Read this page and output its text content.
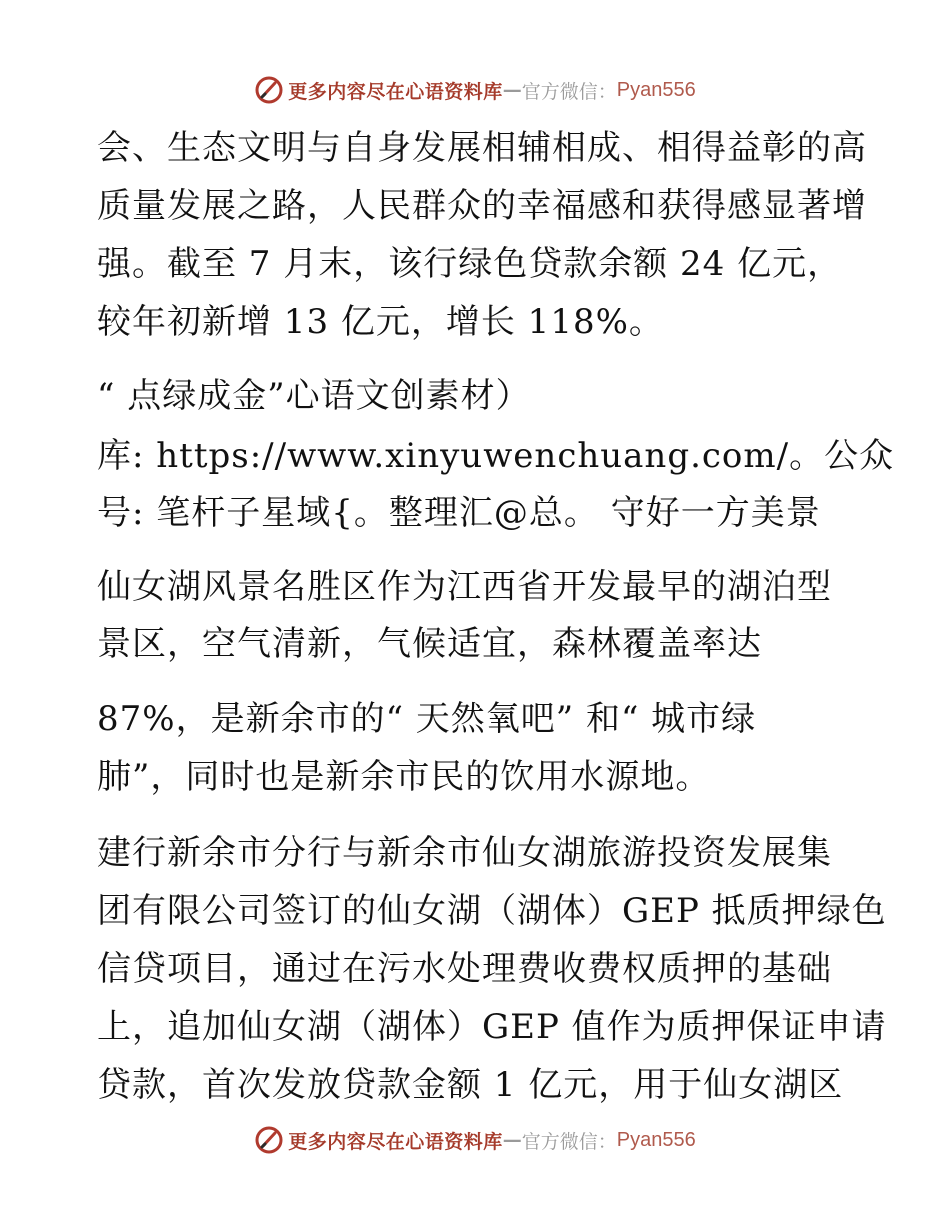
更多内容尽在心语资料库 — 官方微信： Pyan556
会、生态文明与自身发展相辅相成、相得益彰的高
质量发展之路，人民群众的幸福感和获得感显著增
强。截至 7 月末，该行绿色贷款余额 24 亿元，
较年初新增 13 亿元，增长 118%。
“ 点绿成金”心语文创素材）
库: https://www.xinyuwenchuang.com/。公众
号: 笔杆子星域{。整理汇@总。 守好一方美景
仙女湖风景名胜区作为江西省开发最早的湖泊型
景区，空气清新，气候适宜，森林覆盖率达
87%，是新余市的“ 天然氧吧” 和“ 城市绿
肺”，同时也是新余市民的饮用水源地。
建行新余市分行与新余市仙女湖旅游投资发展集
团有限公司签订的仙女湖（湖体）GEP 抵质押绿色
信贷项目，通过在污水处理费收费权质押的基础
上，追加仙女湖（湖体）GEP 值作为质押保证申请
贷款，首次发放贷款金额 1 亿元，用于仙女湖区
更多内容尽在心语资料库 — 官方微信： Pyan556
